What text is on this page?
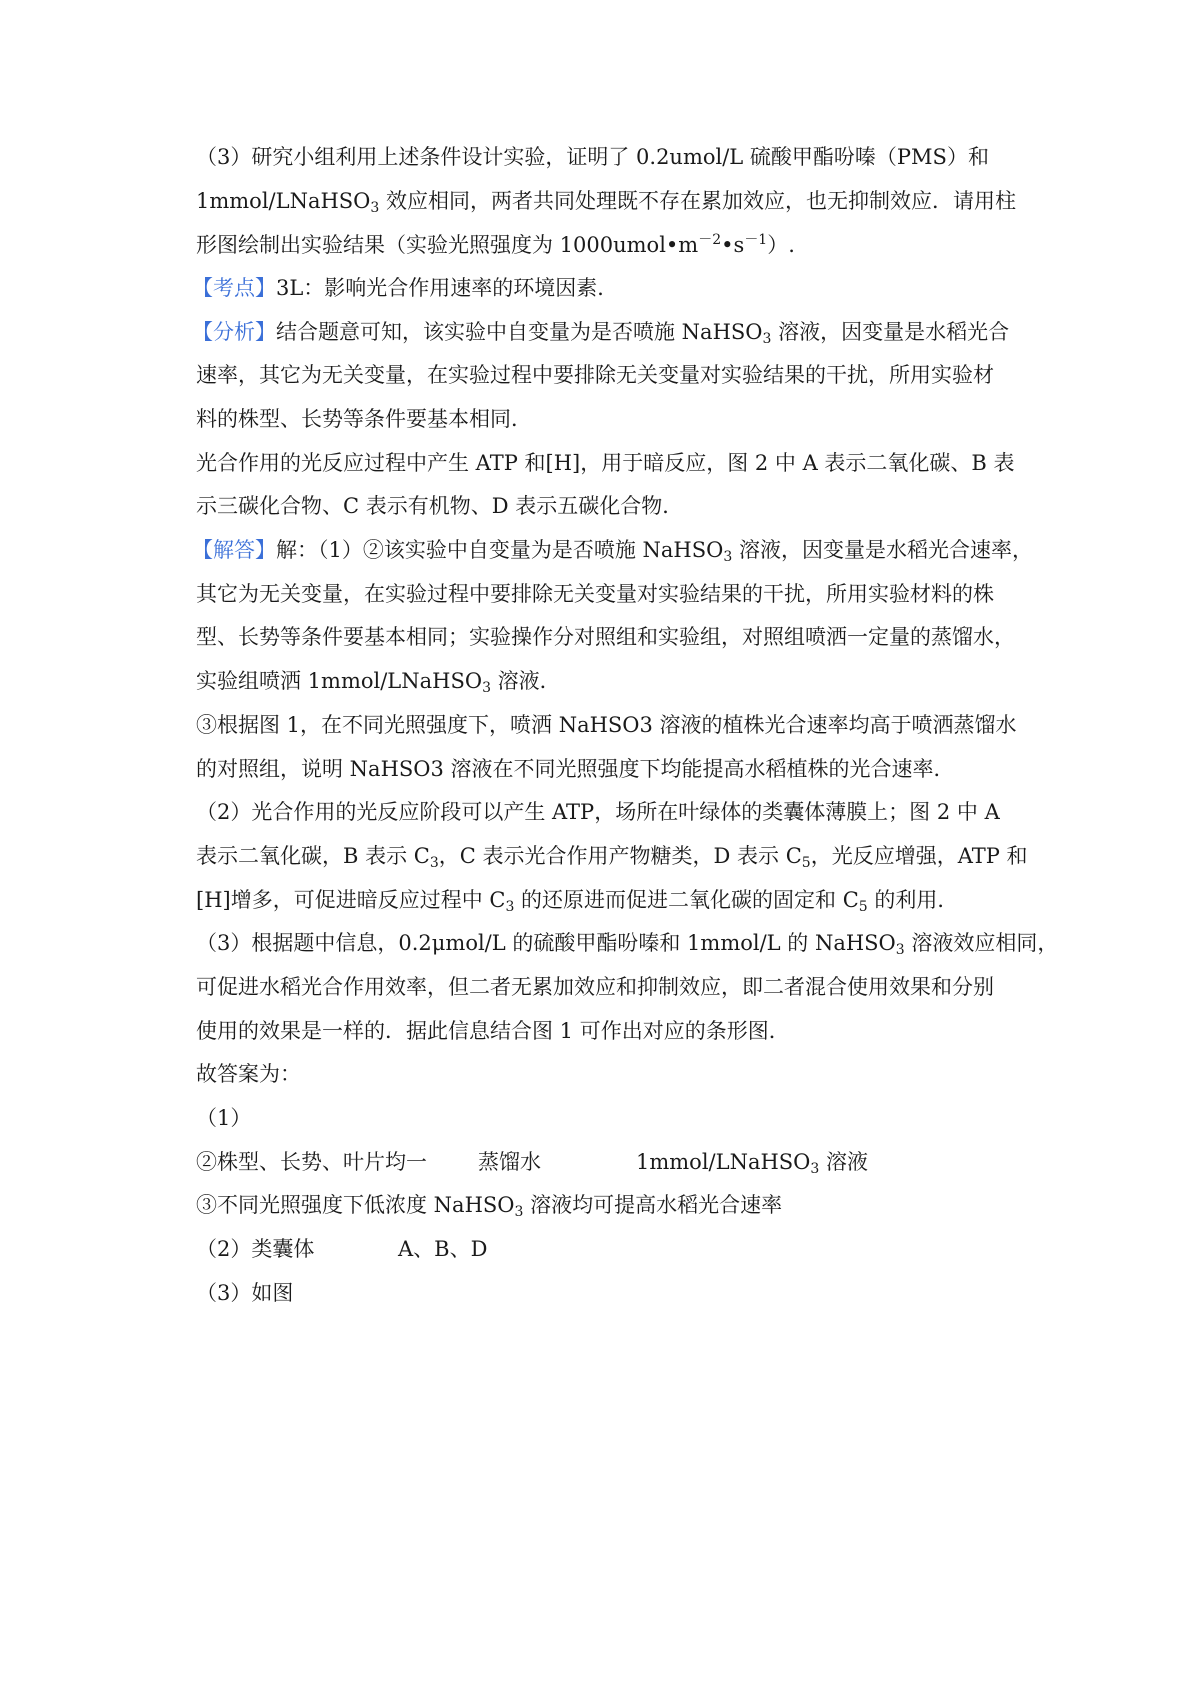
（3）研究小组利用上述条件设计实验，证明了 0.2umol/L 硫酸甲酯吩嗪（PMS）和
1mmol/LNaHSO$_3$ 效应相同，两者共同处理既不存在累加效应，也无抑制效应．请用柱
形图绘制出实验结果（实验光照强度为 $1000umol•m^{-2}•s^{-1}$）.
【考点】3L：影响光合作用速率的环境因素．
【分析】结合题意可知，该实验中自变量为是否喷施 NaHSO$_3$ 溶液，因变量是水稻光合
速率，其它为无关变量，在实验过程中要排除无关变量对实验结果的干扰，所用实验材
料的株型、长势等条件要基本相同．
光合作用的光反应过程中产生 ATP 和[H]，用于暗反应，图 2 中 A 表示二氧化碳、B 表
示三碳化合物、C 表示有机物、D 表示五碳化合物．
【解答】解：（1）②该实验中自变量为是否喷施 NaHSO$_3$ 溶液，因变量是水稻光合速率，
其它为无关变量，在实验过程中要排除无关变量对实验结果的干扰，所用实验材料的株
型、长势等条件要基本相同；实验操作分对照组和实验组，对照组喷洒一定量的蒸馏水，
实验组喷洒 1mmol/LNaHSO$_3$ 溶液．
③根据图 1，在不同光照强度下，喷洒 NaHSO3 溶液的植株光合速率均高于喷洒蒸馏水
的对照组，说明 NaHSO3 溶液在不同光照强度下均能提高水稻植株的光合速率．
（2）光合作用的光反应阶段可以产生 ATP，场所在叶绿体的类囊体薄膜上；图 2 中 A
表示二氧化碳，B 表示 $C_3$，C 表示光合作用产物糖类，D 表示 $C_5$，光反应增强，ATP 和
[H]增多，可促进暗反应过程中 $C_3$ 的还原进而促进二氧化碳的固定和 $C_5$ 的利用．
（3）根据题中信息，0.2μmol/L 的硫酸甲酯吩嗪和 1mmol/L 的 NaHSO$_3$ 溶液效应相同，
可促进水稻光合作用效率，但二者无累加效应和抑制效应，即二者混合使用效果和分别
使用的效果是一样的．据此信息结合图 1 可作出对应的条形图．
故答案为：
（1）
②株型、长势、叶片均一 蒸馏水	1mmol/LNaHSO$_3$ 溶液
③不同光照强度下低浓度 NaHSO$_3$ 溶液均可提高水稻光合速率
（2）类囊体	A、B、D
（3）如图
